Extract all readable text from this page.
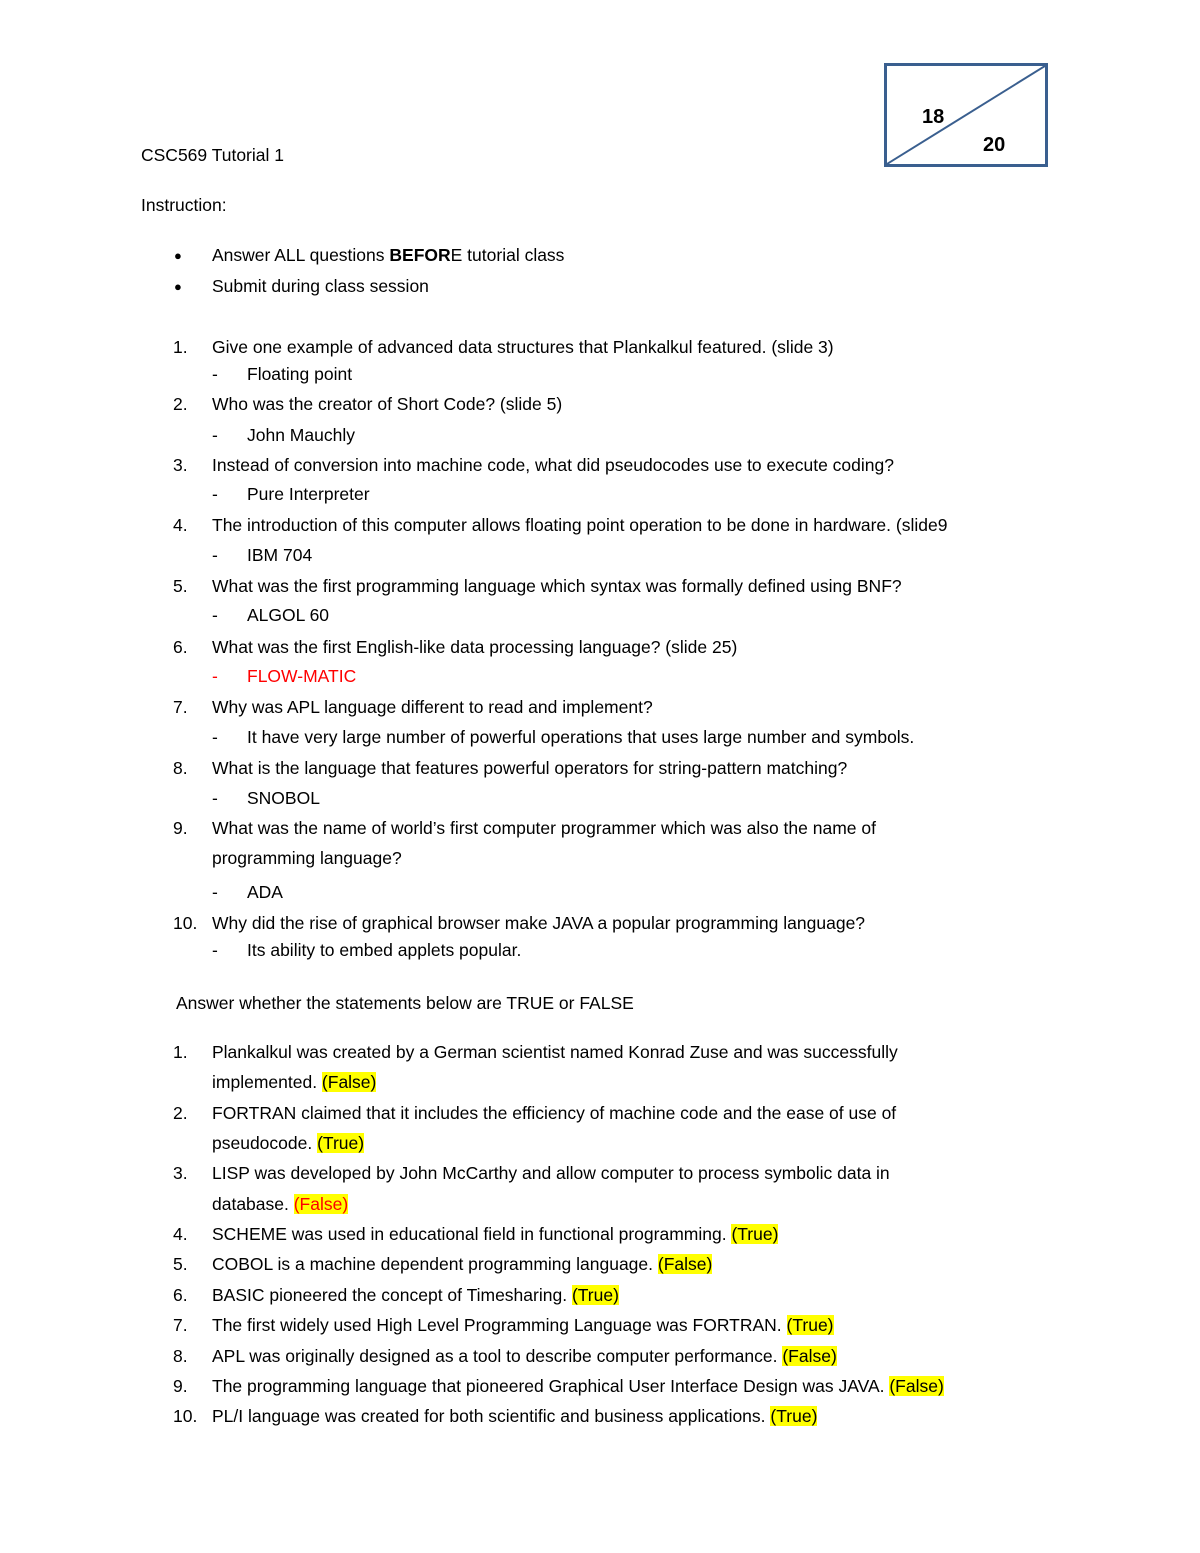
18
20
CSC569 Tutorial 1
Instruction:
● Answer ALL questions BEFORE tutorial class
● Submit during class session
1. Give one example of advanced data structures that Plankalkul featured. (slide 3)
- Floating point
2. Who was the creator of Short Code? (slide 5)
- John Mauchly
3. Instead of conversion into machine code, what did pseudocodes use to execute coding?
- Pure Interpreter
4. The introduction of this computer allows floating point operation to be done in hardware. (slide9
- IBM 704
5. What was the first programming language which syntax was formally defined using BNF?
- ALGOL 60
6. What was the first English-like data processing language? (slide 25)
- FLOW-MATIC
7. Why was APL language different to read and implement?
- It have very large number of powerful operations that uses large number and symbols.
8. What is the language that features powerful operators for string-pattern matching?
- SNOBOL
9. What was the name of world’s first computer programmer which was also the name of
programming language?
- ADA
10. Why did the rise of graphical browser make JAVA a popular programming language?
- Its ability to embed applets popular.
Answer whether the statements below are TRUE or FALSE
1. Plankalkul was created by a German scientist named Konrad Zuse and was successfully
implemented. (False)
2. FORTRAN claimed that it includes the efficiency of machine code and the ease of use of
pseudocode. (True)
3. LISP was developed by John McCarthy and allow computer to process symbolic data in
database. (False)
4. SCHEME was used in educational field in functional programming. (True)
5. COBOL is a machine dependent programming language. (False)
6. BASIC pioneered the concept of Timesharing. (True)
7. The first widely used High Level Programming Language was FORTRAN. (True)
8. APL was originally designed as a tool to describe computer performance. (False)
9. The programming language that pioneered Graphical User Interface Design was JAVA. (False)
10. PL/I language was created for both scientific and business applications. (True)
